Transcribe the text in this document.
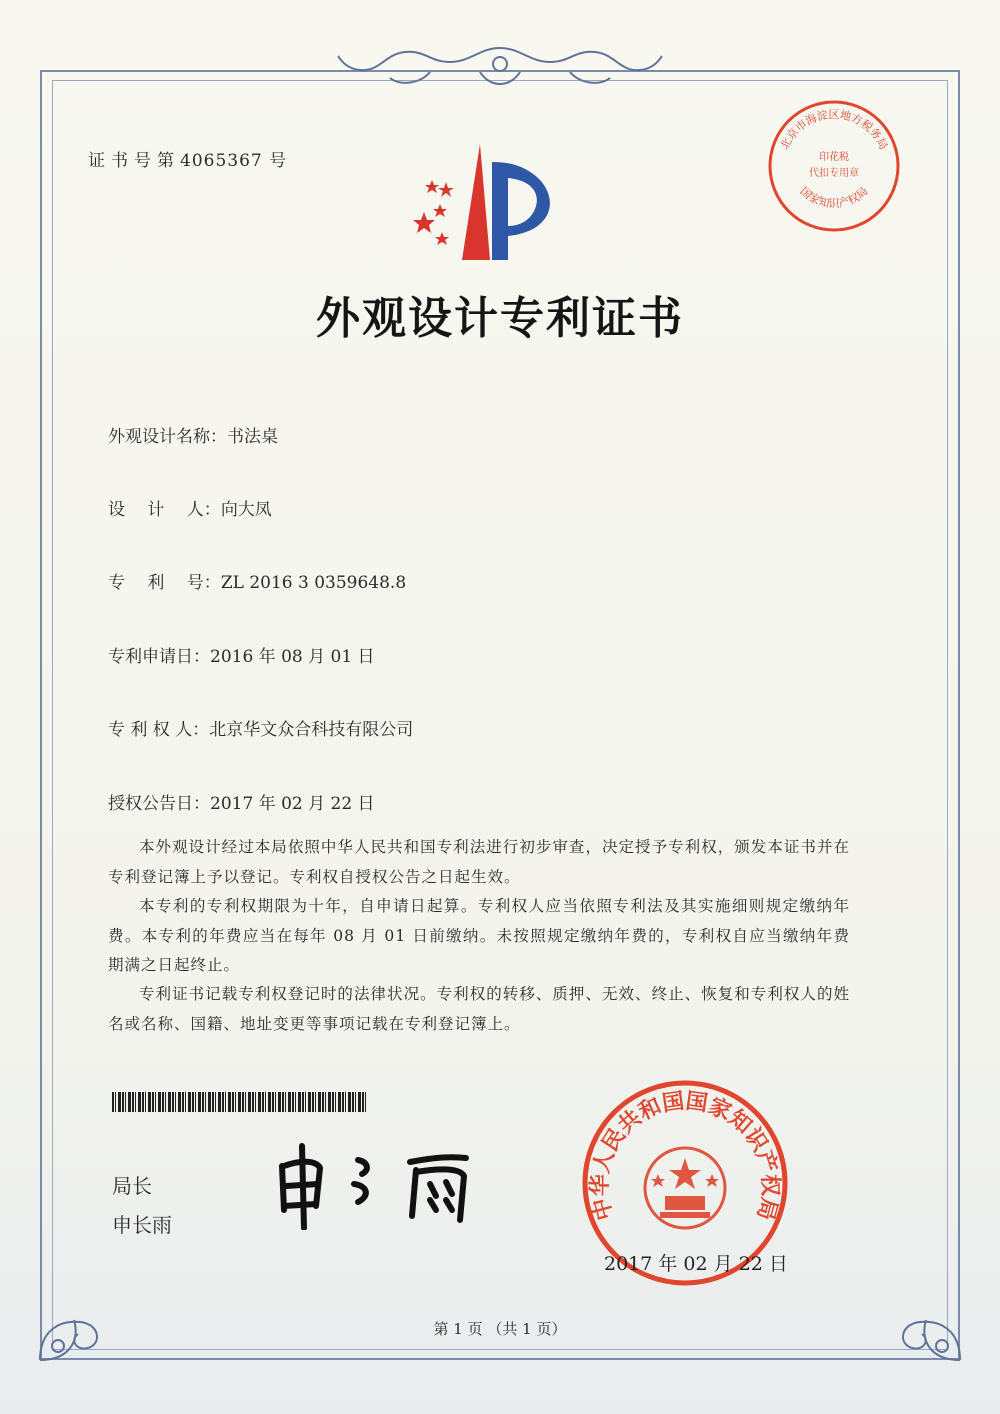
证书号第4065367 号
北京市海淀区地方税务局
印花税
代扣专用章
国家知识产权局
外观设计专利证书
外观设计名称：书法桌
设　 计　 人：向大凤
专　 利　 号：ZL 2016 3 0359648.8
专利申请日：2016 年 08 月 01 日
专 利 权 人：北京华文众合科技有限公司
授权公告日：2017 年 02 月 22 日
本外观设计经过本局依照中华人民共和国专利法进行初步审查，决定授予专利权，颁发本证书并在专利登记簿上予以登记。专利权自授权公告之日起生效。
本专利的专利权期限为十年，自申请日起算。专利权人应当依照专利法及其实施细则规定缴纳年费。本专利的年费应当在每年 08 月 01 日前缴纳。未按照规定缴纳年费的，专利权自应当缴纳年费期满之日起终止。
专利证书记载专利权登记时的法律状况。专利权的转移、质押、无效、终止、恢复和专利权人的姓名或名称、国籍、地址变更等事项记载在专利登记簿上。
局长
申长雨
中华人民共和国国家知识产权局
2017 年 02 月 22 日
第 1 页 （共 1 页）
